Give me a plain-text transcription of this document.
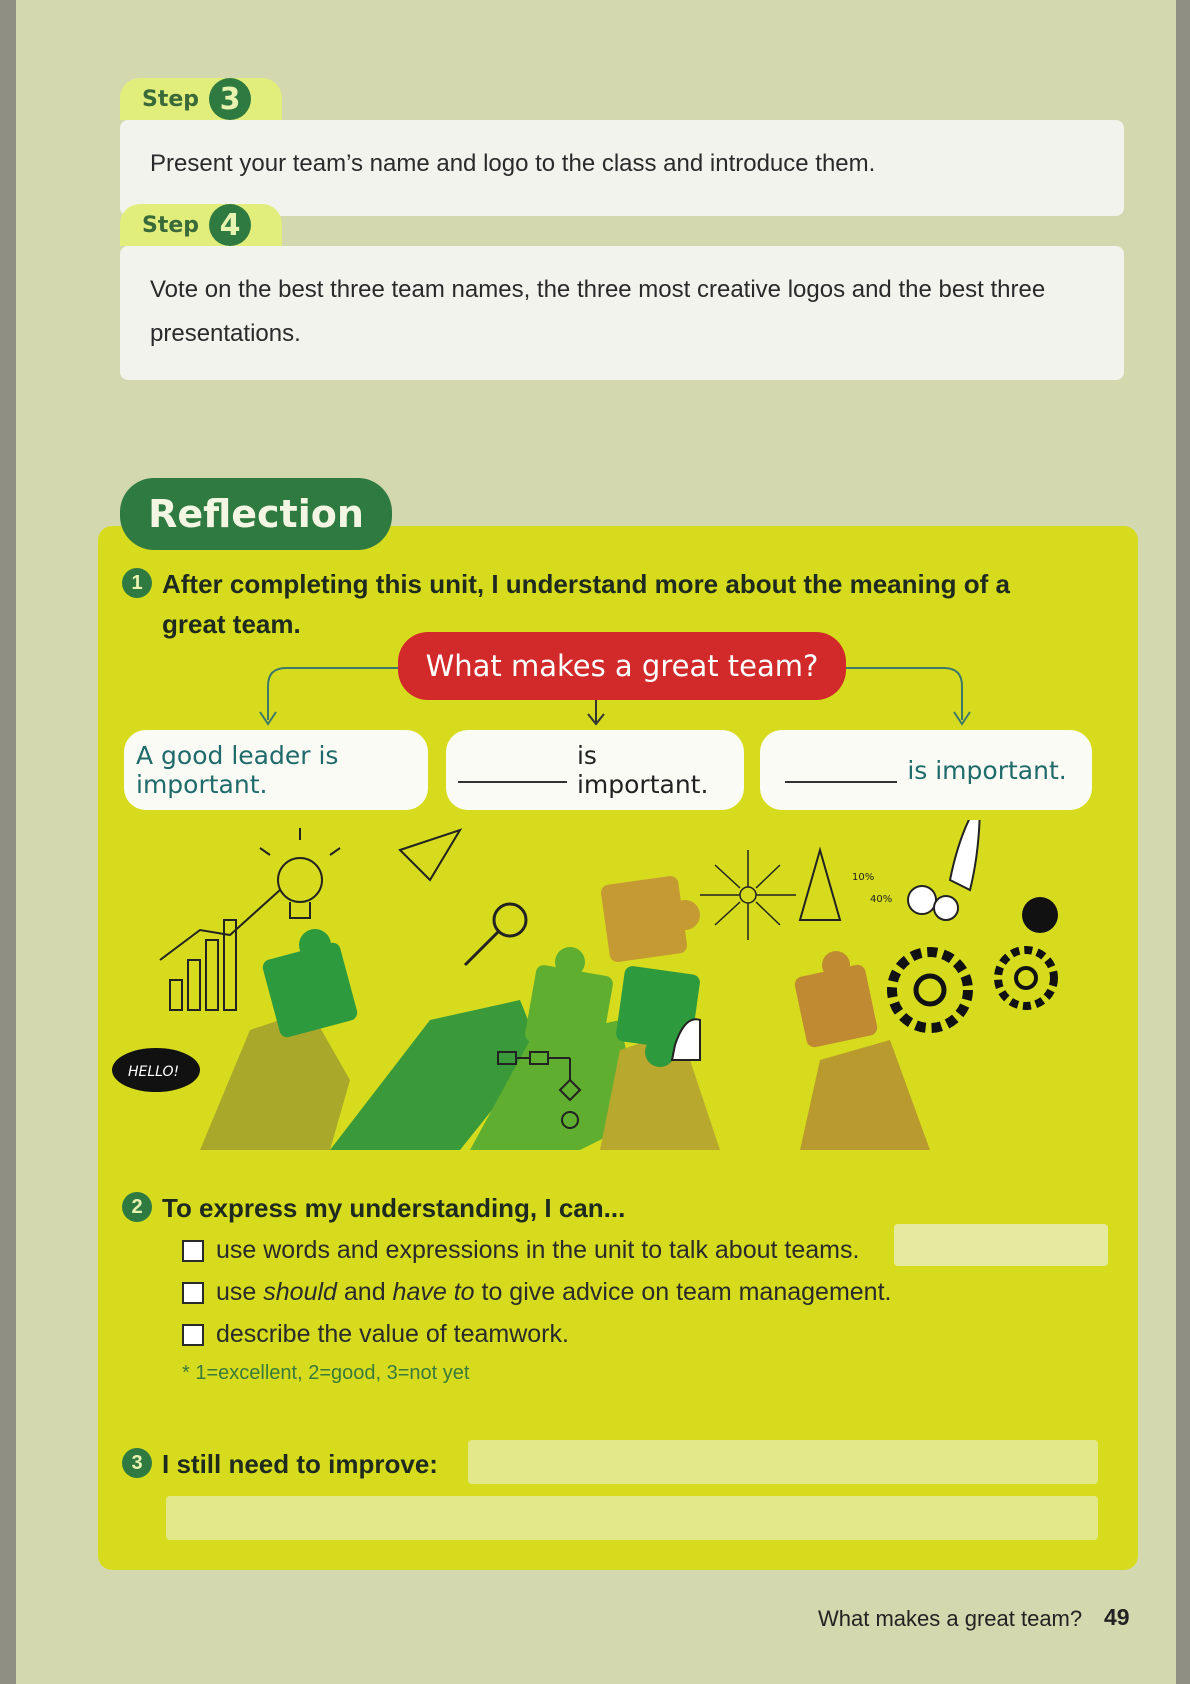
Step 3
Present your team’s name and logo to the class and introduce them.
Step 4
Vote on the best three team names, the three most creative logos and the best three presentations.
Reflection
1 After completing this unit, I understand more about the meaning of a great team.
What makes a great team?
A good leader is important.
is important.	is important.
10%
40%
HELLO!
2 To express my understanding, I can...
use words and expressions in the unit to talk about teams.
use should and have to to give advice on team management.
describe the value of teamwork.
* 1=excellent, 2=good, 3=not yet
3 I still need to improve:
What makes a great team? 49
